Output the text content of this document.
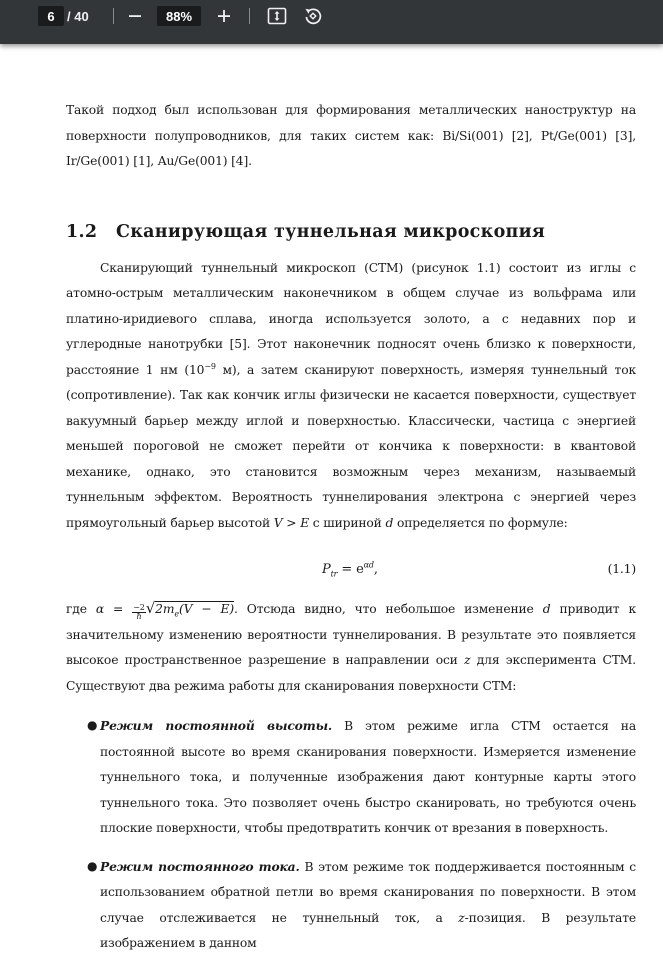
6 / 40	88%

Такой подход был использован для формирования металлических наноструктур на поверхности полупроводников, для таких систем как: Bi/Si(001) [2], Pt/Ge(001) [3], Ir/Ge(001) [1], Au/Ge(001) [4].

1.2 Сканирующая туннельная микроскопия

Сканирующий туннельный микроскоп (СТМ) (рисунок 1.1) состоит из иглы с атомно-острым металлическим наконечником в общем случае из вольфрама или платино-иридиевого сплава, иногда используется золото, а с недавних пор и углеродные нанотрубки [5]. Этот наконечник подносят очень близко к поверхности, расстояние 1 нм ($10^{-9}$ м), а затем сканируют поверхность, измеряя туннельный ток (сопротивление). Так как кончик иглы физически не касается поверхности, существует вакуумный барьер между иглой и поверхностью. Классически, частица с энергией меньшей пороговой не сможет перейти от кончика к поверхности: в квантовой механике, однако, это становится возможным через механизм, называемый туннельным эффектом. Вероятность туннелирования электрона с энергией через прямоугольный барьер высотой V > E с шириной d определяется по формуле:

$P_{tr} = e^{\alpha d}$,	(1.1)

где $\alpha = \frac{-2}{ħ} √2m_e(V - E)$. Отсюда видно, что небольшое изменение d приводит к значительному изменению вероятности туннелирования. В результате это появляется высокое пространственное разрешение в направлении оси z для эксперимента СТМ. Существуют два режима работы для сканирования поверхности СТМ:

● Режим постоянной высоты. В этом режиме игла СТМ остается на постоянной высоте во время сканирования поверхности. Измеряется изменение туннельного тока, и полученные изображения дают контурные карты этого туннельного тока. Это позволяет очень быстро сканировать, но требуются очень плоские поверхности, чтобы предотвратить кончик от врезания в поверхность.
● Режим постоянного тока. В этом режиме ток поддерживается постоянным с использованием обратной петли во время сканирования по поверхности. В этом случае отслеживается не туннельный ток, а z-позиция. В результате изображением в данном
